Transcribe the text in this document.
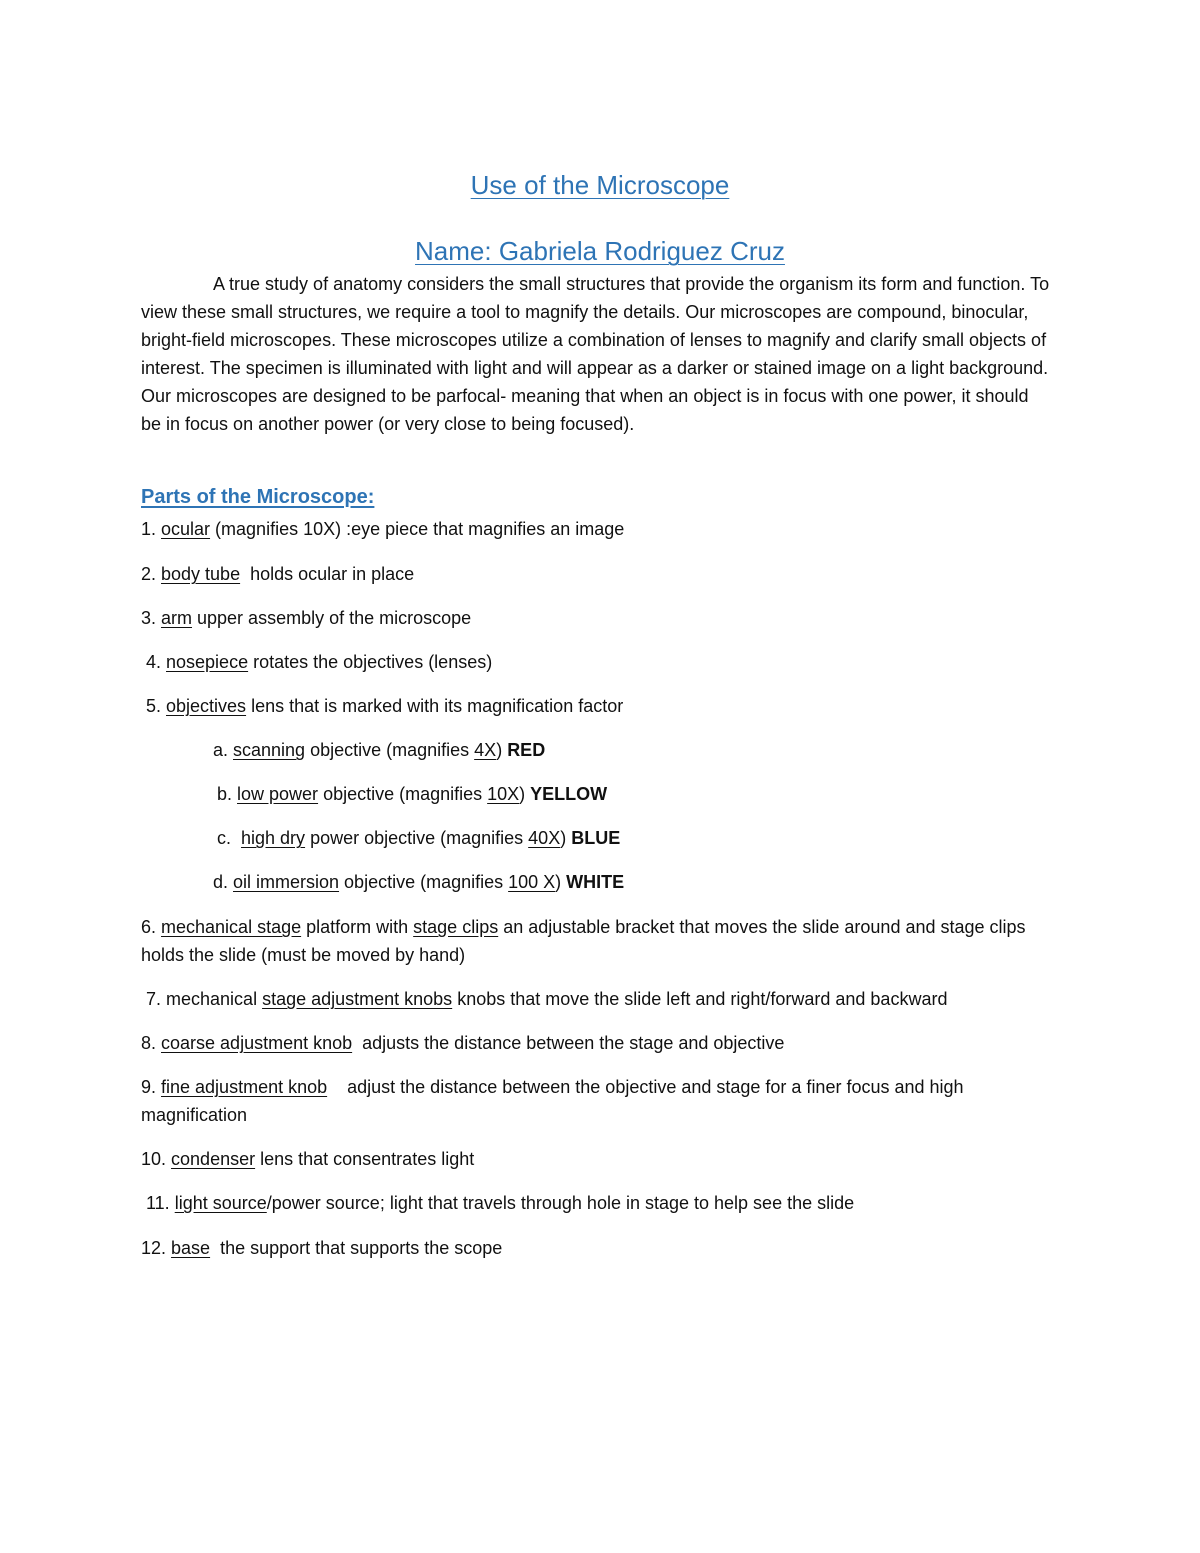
Use of the Microscope
Name: Gabriela Rodriguez Cruz

A true study of anatomy considers the small structures that provide the organism its form and function. To view these small structures, we require a tool to magnify the details. Our microscopes are compound, binocular, bright-field microscopes. These microscopes utilize a combination of lenses to magnify and clarify small objects of interest. The specimen is illuminated with light and will appear as a darker or stained image on a light background. Our microscopes are designed to be parfocal- meaning that when an object is in focus with one power, it should be in focus on another power (or very close to being focused).

Parts of the Microscope:

1. ocular (magnifies 10X) :eye piece that magnifies an image

2. body tube  holds ocular in place

3. arm upper assembly of the microscope

4. nosepiece rotates the objectives (lenses)

5. objectives lens that is marked with its magnification factor

a. scanning objective (magnifies 4X) RED

b. low power objective (magnifies 10X) YELLOW

c.  high dry power objective (magnifies 40X) BLUE

d. oil immersion objective (magnifies 100 X) WHITE

6. mechanical stage platform with stage clips an adjustable bracket that moves the slide around and stage clips holds the slide (must be moved by hand)

7. mechanical stage adjustment knobs knobs that move the slide left and right/forward and backward

8. coarse adjustment knob  adjusts the distance between the stage and objective

9. fine adjustment knob    adjust the distance between the objective and stage for a finer focus and high magnification

10. condenser lens that consentrates light

11. light source/power source; light that travels through hole in stage to help see the slide

12. base  the support that supports the scope
